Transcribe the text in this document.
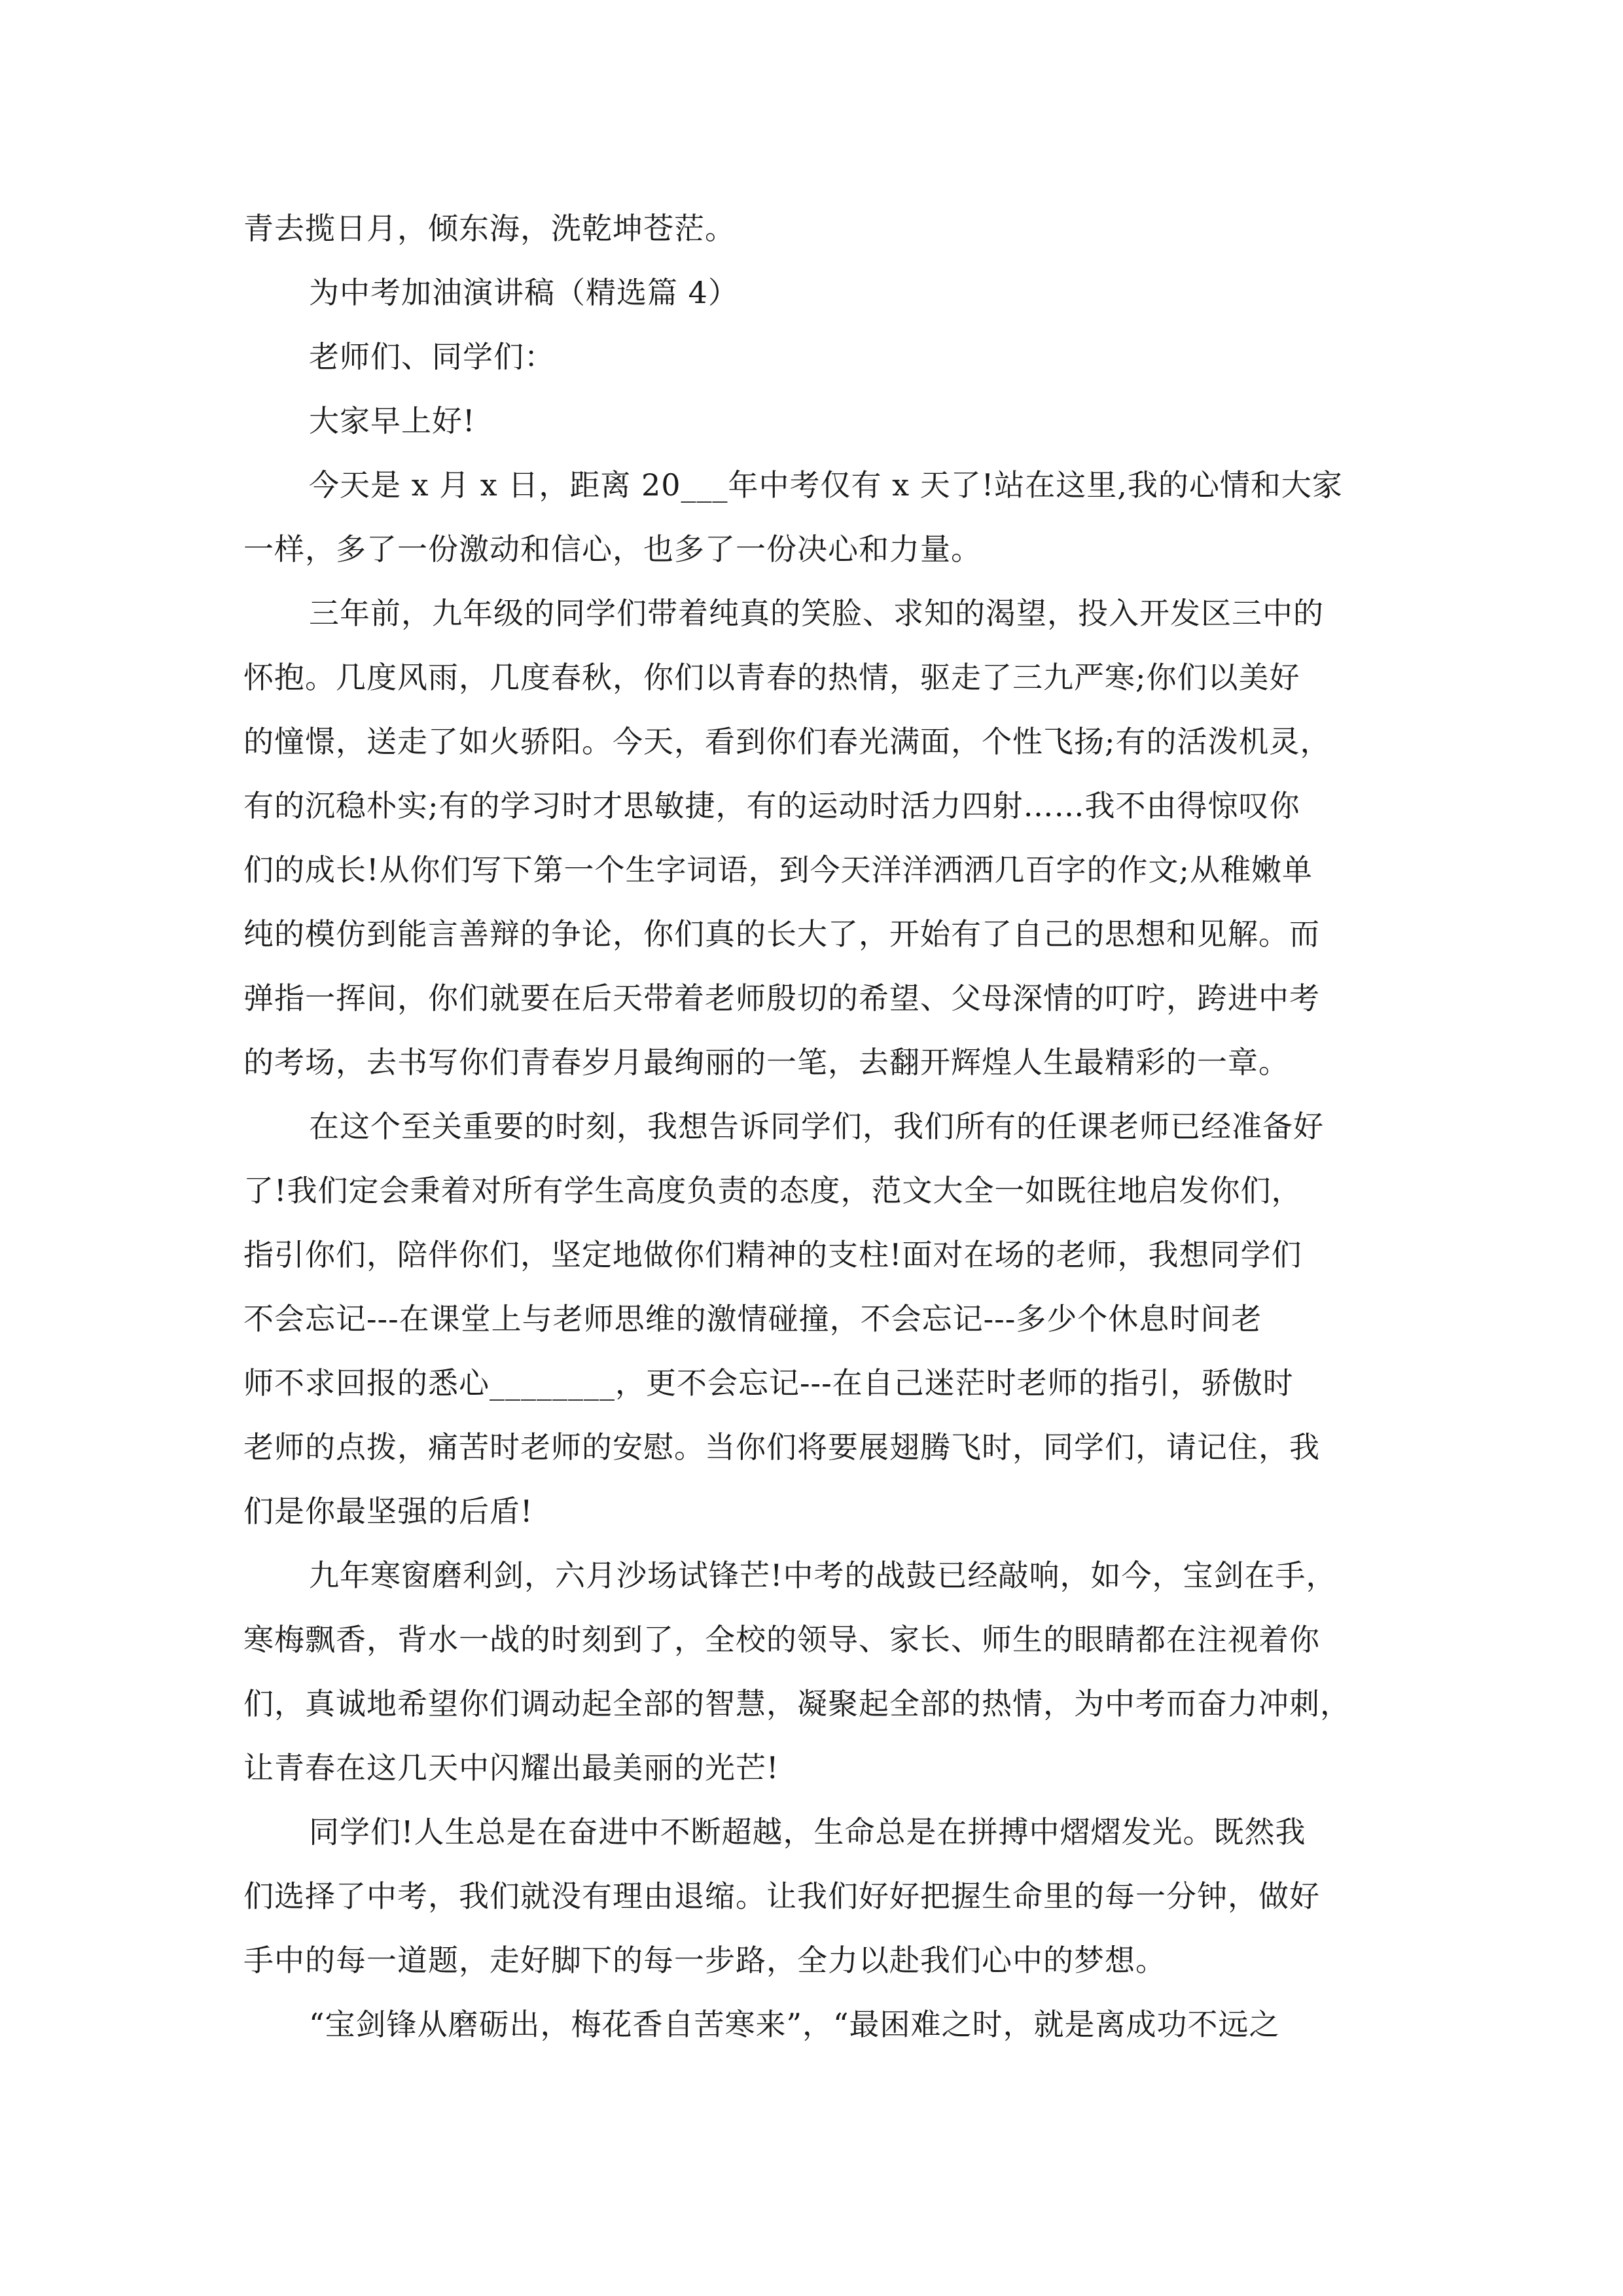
青去揽日月，倾东海，洗乾坤苍茫。
为中考加油演讲稿（精选篇 4）
老师们、同学们：
大家早上好!
今天是 x 月 x 日，距离 20___年中考仅有 x 天了!站在这里,我的心情和大家
一样，多了一份激动和信心，也多了一份决心和力量。
三年前，九年级的同学们带着纯真的笑脸、求知的渴望，投入开发区三中的
怀抱。几度风雨，几度春秋，你们以青春的热情，驱走了三九严寒;你们以美好
的憧憬，送走了如火骄阳。今天，看到你们春光满面，个性飞扬;有的活泼机灵，
有的沉稳朴实;有的学习时才思敏捷，有的运动时活力四射……我不由得惊叹你
们的成长!从你们写下第一个生字词语，到今天洋洋洒洒几百字的作文;从稚嫩单
纯的模仿到能言善辩的争论，你们真的长大了，开始有了自己的思想和见解。而
弹指一挥间，你们就要在后天带着老师殷切的希望、父母深情的叮咛，跨进中考
的考场，去书写你们青春岁月最绚丽的一笔，去翻开辉煌人生最精彩的一章。
在这个至关重要的时刻，我想告诉同学们，我们所有的任课老师已经准备好
了!我们定会秉着对所有学生高度负责的态度，范文大全一如既往地启发你们，
指引你们，陪伴你们，坚定地做你们精神的支柱!面对在场的老师，我想同学们
不会忘记---在课堂上与老师思维的激情碰撞，不会忘记---多少个休息时间老
师不求回报的悉心________，更不会忘记---在自己迷茫时老师的指引，骄傲时
老师的点拨，痛苦时老师的安慰。当你们将要展翅腾飞时，同学们，请记住，我
们是你最坚强的后盾!
九年寒窗磨利剑，六月沙场试锋芒!中考的战鼓已经敲响，如今，宝剑在手，
寒梅飘香，背水一战的时刻到了，全校的领导、家长、师生的眼睛都在注视着你
们，真诚地希望你们调动起全部的智慧，凝聚起全部的热情，为中考而奋力冲刺，
让青春在这几天中闪耀出最美丽的光芒!
同学们!人生总是在奋进中不断超越，生命总是在拼搏中熠熠发光。既然我
们选择了中考，我们就没有理由退缩。让我们好好把握生命里的每一分钟，做好
手中的每一道题，走好脚下的每一步路，全力以赴我们心中的梦想。
“宝剑锋从磨砺出，梅花香自苦寒来”，“最困难之时，就是离成功不远之
